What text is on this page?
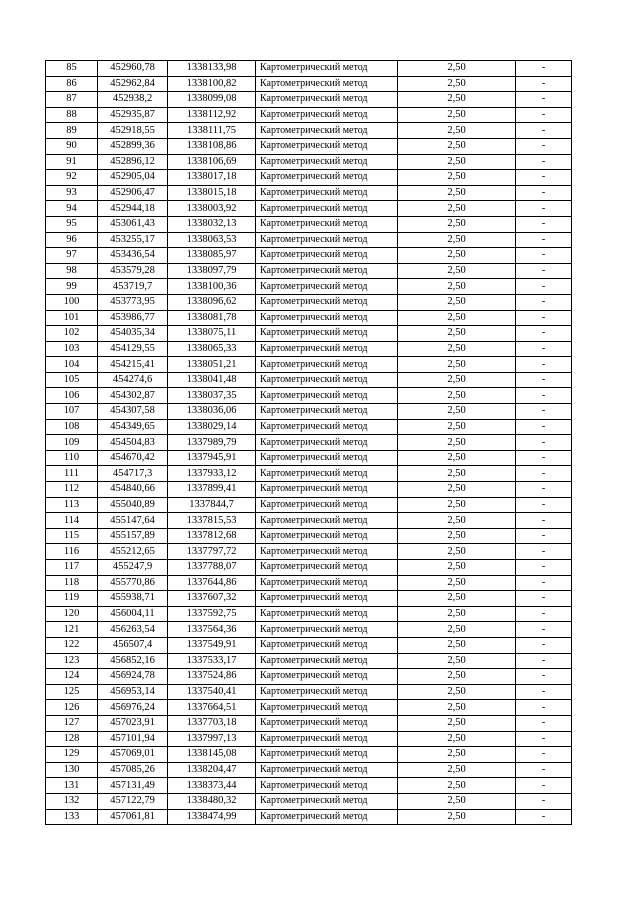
85	452960,78	1338133,98	Картометрический метод	2,50	-
86	452962,84	1338100,82	Картометрический метод	2,50	-
87	452938,2	1338099,08	Картометрический метод	2,50	-
88	452935,87	1338112,92	Картометрический метод	2,50	-
89	452918,55	1338111,75	Картометрический метод	2,50	-
90	452899,36	1338108,86	Картометрический метод	2,50	-
91	452896,12	1338106,69	Картометрический метод	2,50	-
92	452905,04	1338017,18	Картометрический метод	2,50	-
93	452906,47	1338015,18	Картометрический метод	2,50	-
94	452944,18	1338003,92	Картометрический метод	2,50	-
95	453061,43	1338032,13	Картометрический метод	2,50	-
96	453255,17	1338063,53	Картометрический метод	2,50	-
97	453436,54	1338085,97	Картометрический метод	2,50	-
98	453579,28	1338097,79	Картометрический метод	2,50	-
99	453719,7	1338100,36	Картометрический метод	2,50	-
100	453773,95	1338096,62	Картометрический метод	2,50	-
101	453986,77	1338081,78	Картометрический метод	2,50	-
102	454035,34	1338075,11	Картометрический метод	2,50	-
103	454129,55	1338065,33	Картометрический метод	2,50	-
104	454215,41	1338051,21	Картометрический метод	2,50	-
105	454274,6	1338041,48	Картометрический метод	2,50	-
106	454302,87	1338037,35	Картометрический метод	2,50	-
107	454307,58	1338036,06	Картометрический метод	2,50	-
108	454349,65	1338029,14	Картометрический метод	2,50	-
109	454504,83	1337989,79	Картометрический метод	2,50	-
110	454670,42	1337945,91	Картометрический метод	2,50	-
111	454717,3	1337933,12	Картометрический метод	2,50	-
112	454840,66	1337899,41	Картометрический метод	2,50	-
113	455040,89	1337844,7	Картометрический метод	2,50	-
114	455147,64	1337815,53	Картометрический метод	2,50	-
115	455157,89	1337812,68	Картометрический метод	2,50	-
116	455212,65	1337797,72	Картометрический метод	2,50	-
117	455247,9	1337788,07	Картометрический метод	2,50	-
118	455770,86	1337644,86	Картометрический метод	2,50	-
119	455938,71	1337607,32	Картометрический метод	2,50	-
120	456004,11	1337592,75	Картометрический метод	2,50	-
121	456263,54	1337564,36	Картометрический метод	2,50	-
122	456507,4	1337549,91	Картометрический метод	2,50	-
123	456852,16	1337533,17	Картометрический метод	2,50	-
124	456924,78	1337524,86	Картометрический метод	2,50	-
125	456953,14	1337540,41	Картометрический метод	2,50	-
126	456976,24	1337664,51	Картометрический метод	2,50	-
127	457023,91	1337703,18	Картометрический метод	2,50	-
128	457101,94	1337997,13	Картометрический метод	2,50	-
129	457069,01	1338145,08	Картометрический метод	2,50	-
130	457085,26	1338204,47	Картометрический метод	2,50	-
131	457131,49	1338373,44	Картометрический метод	2,50	-
132	457122,79	1338480,32	Картометрический метод	2,50	-
133	457061,81	1338474,99	Картометрический метод	2,50	-
